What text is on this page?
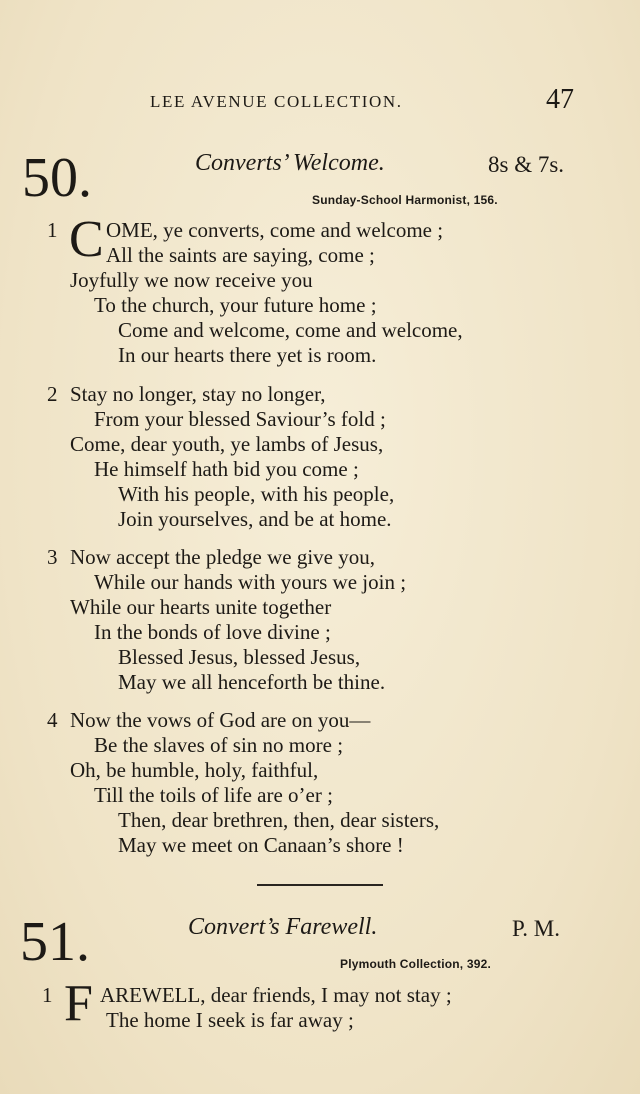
LEE AVENUE COLLECTION.	47
50.	Converts’ Welcome.	8s & 7s.
Sunday-School Harmonist, 156.
1 C OME, ye converts, come and welcome ;
All the saints are saying, come ;
Joyfully we now receive you
To the church, your future home ;
Come and welcome, come and welcome,
In our hearts there yet is room.
2 Stay no longer, stay no longer,
From your blessed Saviour’s fold ;
Come, dear youth, ye lambs of Jesus,
He himself hath bid you come ;
With his people, with his people,
Join yourselves, and be at home.
3 Now accept the pledge we give you,
While our hands with yours we join ;
While our hearts unite together
In the bonds of love divine ;
Blessed Jesus, blessed Jesus,
May we all henceforth be thine.
4 Now the vows of God are on you—
Be the slaves of sin no more ;
Oh, be humble, holy, faithful,
Till the toils of life are o’er ;
Then, dear brethren, then, dear sisters,
May we meet on Canaan’s shore !
51.	Convert’s Farewell.	P. M.
Plymouth Collection, 392.
1 F AREWELL, dear friends, I may not stay ;
The home I seek is far away ;
